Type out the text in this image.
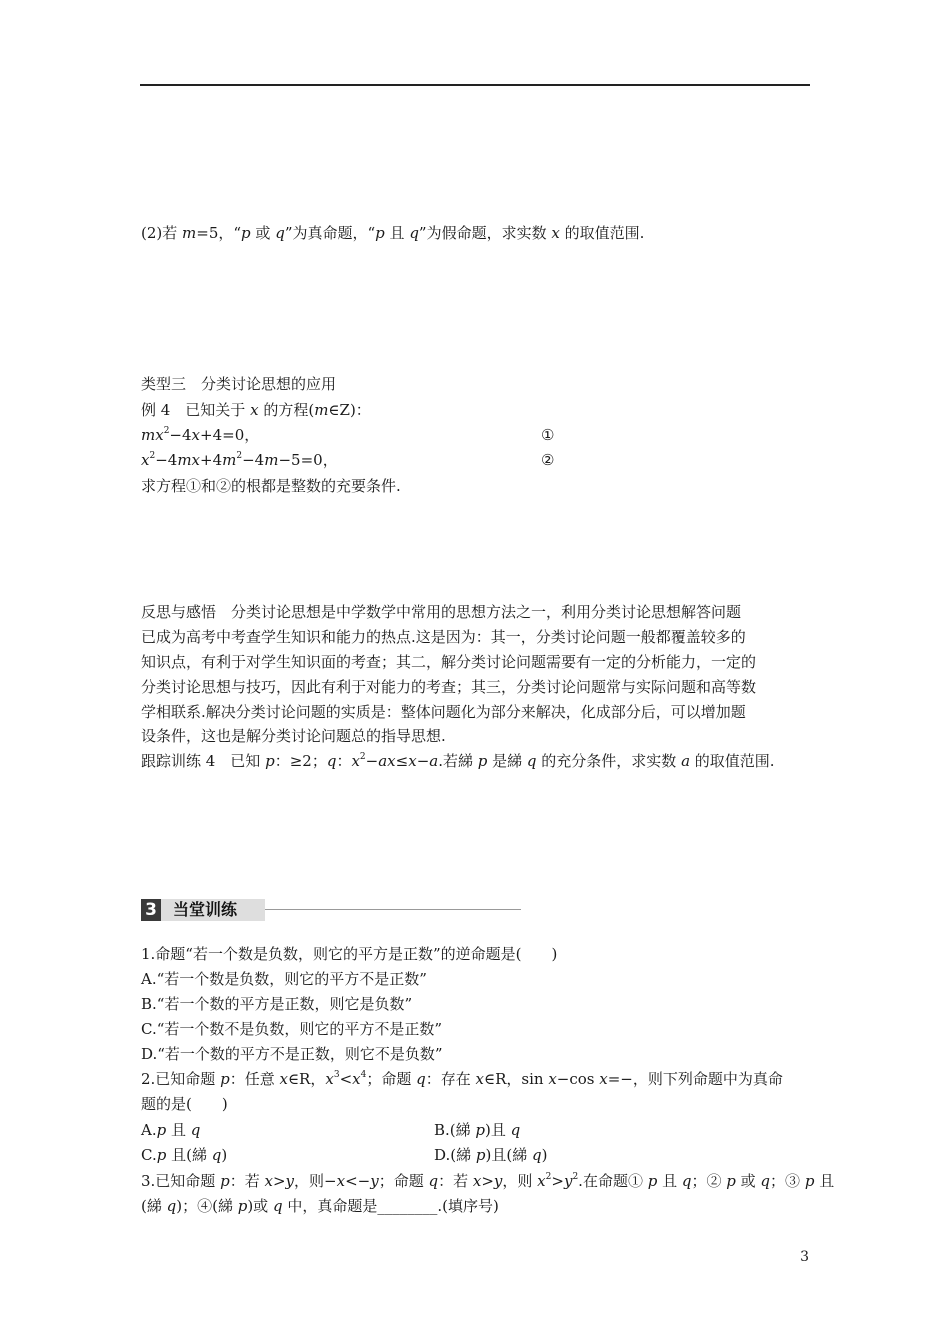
(2)若 m=5，“p 或 q”为真命题，“p 且 q”为假命题，求实数 x 的取值范围.
类型三　分类讨论思想的应用
例 4　已知关于 x 的方程(m∈Z)：
$mx^2-4x+4=0$，	①
$x^2-4mx+4m^2-4m-5=0$，	②
求方程①和②的根都是整数的充要条件.
反思与感悟　分类讨论思想是中学数学中常用的思想方法之一，利用分类讨论思想解答问题
已成为高考中考查学生知识和能力的热点.这是因为：其一，分类讨论问题一般都覆盖较多的
知识点，有利于对学生知识面的考查；其二，解分类讨论问题需要有一定的分析能力，一定的
分类讨论思想与技巧，因此有利于对能力的考查；其三，分类讨论问题常与实际问题和高等数
学相联系.解决分类讨论问题的实质是：整体问题化为部分来解决，化成部分后，可以增加题
设条件，这也是解分类讨论问题总的指导思想.
跟踪训练 4　已知 p：≥2；q：$x^2-ax\le x-a$.若綈 p 是綈 q 的充分条件，求实数 a 的取值范围.
3	当堂训练
1.命题“若一个数是负数，则它的平方是正数”的逆命题是(　　)
A.“若一个数是负数，则它的平方不是正数”
B.“若一个数的平方是正数，则它是负数”
C.“若一个数不是负数，则它的平方不是正数”
D.“若一个数的平方不是正数，则它不是负数”
2.已知命题 p：任意 x∈R，$x^3<x^4$；命题 q：存在 x∈R，sin x−cos x=−，则下列命题中为真命
题的是(　　)
A.p 且 q	B.(綈 p)且 q
C.p 且(綈 q)	D.(綈 p)且(綈 q)
3.已知命题 p：若 x>y，则−x<−y；命题 q：若 x>y，则 $x^2>y^2$.在命题① p 且 q；② p 或 q；③ p 且
(綈 q)；④(綈 p)或 q 中，真命题是________.(填序号)
3
